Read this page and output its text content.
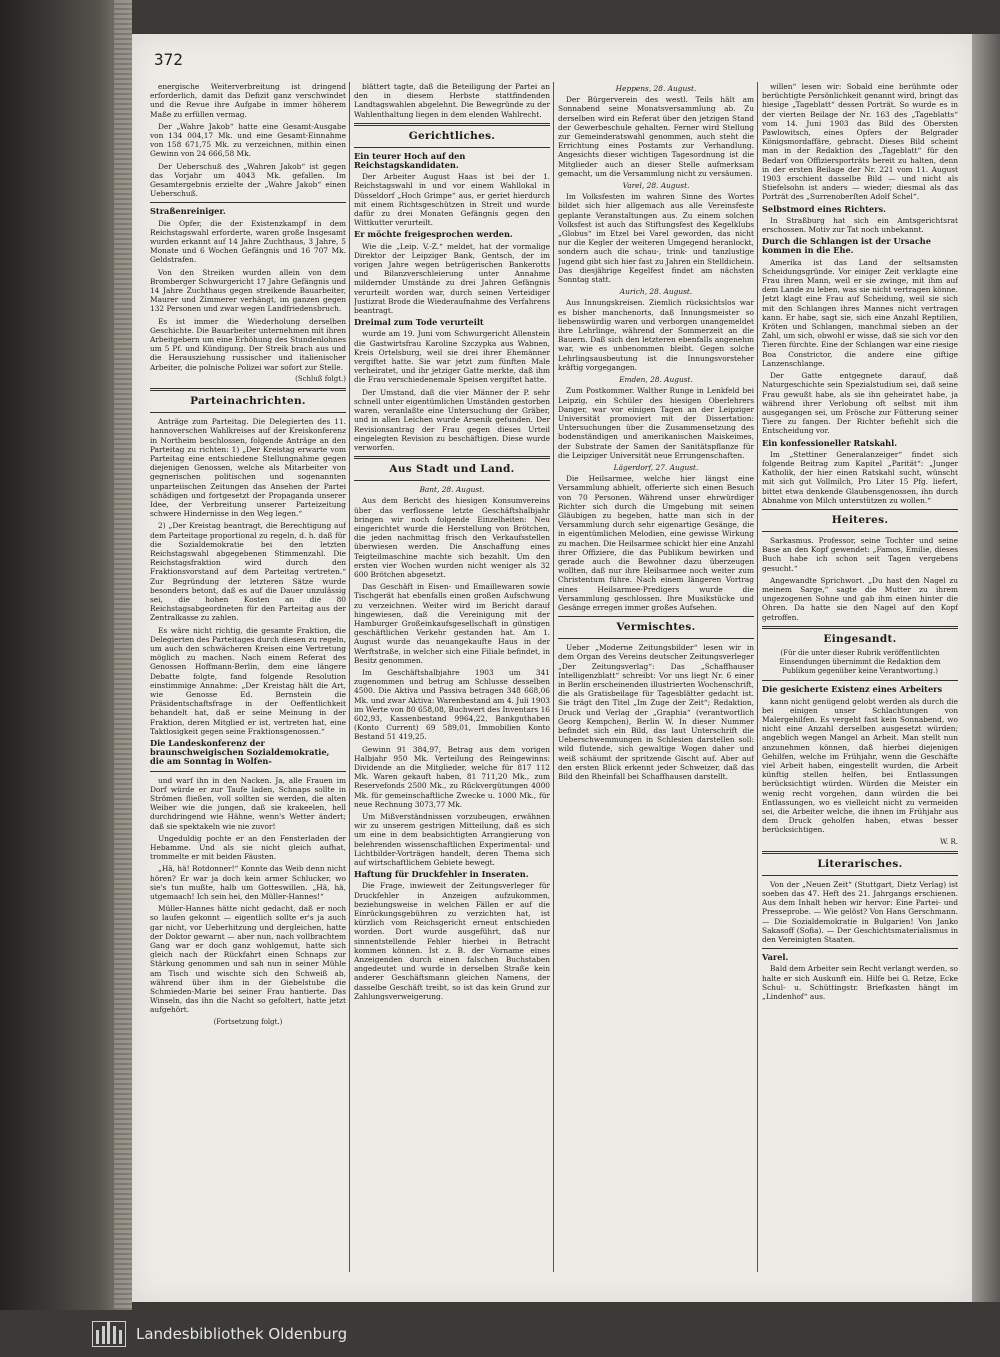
372

energische Weiterverbreitung ist dringend erforderlich, damit das Defizit ganz verschwindet und die Revue ihre Aufgabe in immer höherem Maße zu erfüllen vermag.

Der „Wahre Jakob“ hatte eine Gesamt-Ausgabe von 134 004,17 Mk. und eine Gesamt-Einnahme von 158 671,75 Mk. zu verzeichnen, mithin einen Gewinn von 24 666,58 Mk.

Der Ueberschuß des „Wahren Jakob“ ist gegen das Vorjahr um 4043 Mk. gefallen. Im Gesamtergebnis erzielte der „Wahre Jakob“ einen Ueberschuß.

Straßenreiniger.

Die Opfer, die der Existenzkampf in dem Reichstagswahl erforderte, waren große Insgesamt wurden erkannt auf 14 Jahre Zuchthaus, 3 Jahre, 5 Monate und 6 Wochen Gefängnis und 16 707 Mk. Geldstrafen.

Von den Streiken wurden allein von dem Bromberger Schwurgericht 17 Jahre Gefängnis und 14 Jahre Zuchthaus gegen streikende Bauarbeiter, Maurer und Zimmerer verhängt, im ganzen gegen 132 Personen und zwar wegen Landfriedensbruch.

Es ist immer die Wiederholung derselben Geschichte. Die Bauarbeiter unternehmen mit ihren Arbeitgebern um eine Erhöhung des Stundenlohnes um 5 Pf. und Kündigung. Der Streik brach aus und die Herausziehung russischer und italienischer Arbeiter, die polnische Polizei war sofort zur Stelle.

(Schluß folgt.)
Parteinachrichten.

Anträge zum Parteitag. Die Delegierten des 11. hannoverschen Wahlkreises auf der Kreiskonferenz in Northeim beschlossen, folgende Anträge an den Parteitag zu richten: 1) „Der Kreistag erwarte vom Parteitag eine entschiedene Stellungnahme gegen diejenigen Genossen, welche als Mitarbeiter von gegnerischen politischen und sogenannten unparteiischen Zeitungen das Ansehen der Partei schädigen und fortgesetzt der Propaganda unserer Idee, der Verbreitung unserer Parteizeitung schwere Hindernisse in den Weg legen.“

2) „Der Kreistag beantragt, die Berechtigung auf dem Parteitage proportional zu regeln, d. h. daß für die Sozialdemokratie bei den letzten Reichstagswahl abgegebenen Stimmenzahl. Die Reichstagsfraktion wird durch den Fraktionsvorstand auf dem Parteitag vertreten.“ Zur Begründung der letzteren Sätze wurde besonders betont, daß es auf die Dauer unzulässig sei, die hohen Kosten an die 80 Reichstagsabgeordneten für den Parteitag aus der Zentralkasse zu zahlen.

Es wäre nicht richtig, die gesamte Fraktion, die Delegierten des Parteitages durch diesen zu regeln, um auch den schwächeren Kreisen eine Vertretung möglich zu machen. Nach einem Referat des Genossen Hoffmann-Berlin, dem eine längere Debatte folgte, fand folgende Resolution einstimmige Annahme: „Der Kreistag hält die Art, wie Genosse Ed. Bernstein die Präsidentschaftsfrage in der Oeffentlichkeit behandelt hat, daß er seine Meinung in der Fraktion, deren Mitglied er ist, vertreten hat, eine Taktlosigkeit gegen seine Fraktionsgenossen.“

Die Landeskonferenz der braunschweigischen Sozialdemokratie, die am Sonntag in Wolfen-

und warf ihn in den Nacken. Ja, alle Frauen im Dorf würde er zur Taufe laden, Schnaps sollte in Strömen fließen, voll sollten sie werden, die alten Weiber wie die jungen, daß sie krakeelen, hell durchdringend wie Hähne, wenn's Wetter ändert; daß sie spektakeln wie nie zuvor!

Ungeduldig pochte er an den Fensterladen der Hebamme. Und als sie nicht gleich aufhat, trommelte er mit beiden Fäusten.

„Hä, hä! Rotdonner!“ Konnte das Weib denn nicht hören? Er war ja doch kein armer Schlucker, wo sie's tun mußte, halb um Gotteswillen. „Hä, hä, utgemaach! Ich sein hei, den Müller-Hannes!“

Müller-Hannes hätte nicht gedacht, daß er noch so laufen gekonnt — eigentlich sollte er's ja auch gar nicht, vor Ueberhitzung und dergleichen, hatte der Doktor gewarnt — aber nun, nach vollbrachtem Gang war er doch ganz wohlgemut, hatte sich gleich nach der Rückfahrt einen Schnaps zur Stärkung genommen und sah nun in seiner Mühle am Tisch und wischte sich den Schweiß ab, während über ihm in der Giebelstube die Schmieden-Marie bei seiner Frau hantierte. Das Winseln, das ihn die Nacht so gefoltert, hatte jetzt aufgehört.

(Fortsetzung folgt.)

blättert tagte, daß die Beteiligung der Partei an den in diesem Herbste stattfindenden Landtagswahlen abgelehnt. Die Bewegründe zu der Wahlenthaltung liegen in dem elenden Wahlrecht.

Gerichtliches.
Ein teurer Hoch auf den Reichstagskandidaten.

Der Arbeiter August Haas ist bei der 1. Reichstagswahl in und vor einem Wahllokal in Düsseldorf „Hoch Grimpe“ aus, er geriet hierdurch mit einem Richtsgeschützen in Streit und wurde dafür zu drei Monaten Gefängnis gegen den Wittkutter verurteilt.

Er möchte freigesprochen werden.

Wie die „Leip. V.-Z.“ meldet, hat der vormalige Direktor der Leipziger Bank, Gentsch, der im vorigen Jahre wegen betrügerischen Bankerotts und Bilanzverschleierung unter Annahme mildernder Umstände zu drei Jahren Gefängnis verurteilt worden war, durch seinen Verteidiger Justizrat Brode die Wiederaufnahme des Verfahrens beantragt.

Dreimal zum Tode verurteilt

wurde am 19. Juni vom Schwurgericht Allenstein die Gastwirtsfrau Karoline Szczypka aus Wabnen, Kreis Ortelsburg, weil sie drei ihrer Ehemänner vergiftet hatte. Sie war jetzt zum fünften Male verheiratet, und ihr jetziger Gatte merkte, daß ihm die Frau verschiedenemale Speisen vergiftet hatte.

Der Umstand, daß die vier Männer der P. sehr schnell unter eigentümlichen Umständen gestorben waren, veranlaßte eine Untersuchung der Gräber, und in allen Leichen wurde Arsenik gefunden. Der Revisionsantrag der Frau gegen dieses Urteil eingelegten Revision zu beschäftigen. Diese wurde verworfen.

Aus Stadt und Land.
Bant, 28. August.

Aus dem Bericht des hiesigen Konsumvereins über das verflossene letzte Geschäftshalbjahr bringen wir noch folgende Einzelheiten: Neu eingerichtet wurde die Herstellung von Brötchen, die jeden nachmittag frisch den Verkaufsstellen überwiesen werden. Die Anschaffung eines Teigteilmaschine machte sich bezahlt. Um den ersten vier Wochen wurden nicht weniger als 32 600 Brötchen abgesetzt.

Das Geschäft in Eisen- und Emaillewaren sowie Tischgerät hat ebenfalls einen großen Aufschwung zu verzeichnen. Weiter wird im Bericht darauf hingewiesen, daß die Vereinigung mit der Hamburger Großeinkaufsgesellschaft in günstigen geschäftlichen Verkehr gestanden hat. Am 1. August wurde das neuangekaufte Haus in der Werftstraße, in welcher sich eine Filiale befindet, in Besitz genommen.

Im Geschäftshalbjahre 1903 um 341 zugenommen und betrug am Schlusse desselben 4500. Die Aktiva und Passiva betragen 348 668,06 Mk. und zwar Aktiva: Warenbestand am 4. Juli 1903 im Werte von 80 658,08, Buchwert des Inventars 16 602,93, Kassenbestand 9964,22, Bankguthaben (Konto Current) 69 589,01, Immobilien Konto Bestand 51 419,25.

Gewinn 91 384,97, Betrag aus dem vorigen Halbjahr 950 Mk. Verteilung des Reingewinns: Dividende an die Mitglieder, welche für 817 112 Mk. Waren gekauft haben, 81 711,20 Mk., zum Reservefonds 2500 Mk., zu Rückvergütungen 4000 Mk. für gemeinschaftliche Zwecke u. 1000 Mk., für neue Rechnung 3073,77 Mk.

Um Mißverständnissen vorzubeugen, erwähnen wir zu unserem gestrigen Mitteilung, daß es sich um eine in dem beabsichtigten Arrangierung von belehrenden wissenschaftlichen Experimental- und Lichtbilder-Vorträgen handelt, deren Thema sich auf wirtschaftlichem Gebiete bewegt.

Haftung für Druckfehler in Inseraten.

Die Frage, inwieweit der Zeitungsverleger für Druckfehler in Anzeigen aufzukommen, beziehungsweise in welchen Fällen er auf die Einrückungsgebühren zu verzichten hat, ist kürzlich vom Reichsgericht erneut entschieden worden. Dort wurde ausgeführt, daß nur sinnentstellende Fehler hierbei in Betracht kommen können. Ist z. B. der Vorname eines Anzeigenden durch einen falschen Buchstaben angedeutet und wurde in derselben Straße kein anderer Geschäftsmann gleichen Namens, der dasselbe Geschäft treibt, so ist das kein Grund zur Zahlungsverweigerung.

Heppens, 28. August.

Der Bürgerverein des westl. Teils hält am Sonnabend seine Monatsversammlung ab. Zu derselben wird ein Referat über den jetzigen Stand der Gewerbeschule gehalten. Ferner wird Stellung zur Gemeinderatswahl genommen, auch steht die Errichtung eines Postamts zur Verhandlung. Angesichts dieser wichtigen Tagesordnung ist die Mitglieder auch an dieser Stelle aufmerksam gemacht, um die Versammlung nicht zu versäumen.

Varel, 28. August.

Im Volksfesten im wahren Sinne des Wortes bildet sich hier allgemach aus alle Vereinsfeste geplante Veranstaltungen aus. Zu einem solchen Volksfest ist auch das Stiftungsfest des Kegelklubs „Globus“ im Etzel bei Varel geworden, das nicht nur die Kegler der weiteren Umgegend heranlockt, sondern auch die schau-, trink- und tanzlustige Jugend gibt sich hier fast zu Jahren ein Stelldichein. Das diesjährige Kegelfest findet am nächsten Sonntag statt.

Aurich, 28. August.

Aus Innungskreisen. Ziemlich rücksichtslos war es bisher manchenorts, daß Innungsmeister so liebenswürdig waren und verborgen unangemeldet ihre Lehrlinge, während der Sommerzeit an die Bauern. Daß sich den letzteren ebenfalls angenehm war, wie es unbenommen bleibt. Gegen solche Lehrlingsausbeutung ist die Innungsvorsteher kräftig vorgegangen.

Emden, 28. August.

Zum Postkommer. Walther Runge in Lenkfeld bei Leipzig, ein Schüler des hiesigen Oberlehrers Danger, war vor einigen Tagen an der Leipziger Universität promoviert mit der Dissertation: Untersuchungen über die Zusammensetzung des bodenständigen und amerikanischen Maiskeimes, der Substrate der Samen der Sanitätspflanze für die Leipziger Universität neue Errungenschaften.

Lägerdorf, 27. August.

Die Heilsarmee, welche hier längst eine Versammlung abhielt, offerierte sich einen Besuch von 70 Personen. Während unser ehrwürdiger Richter sich durch die Umgebung mit seinen Gläubigen zu begeben, hatte man sich in der Versammlung durch sehr eigenartige Gesänge, die in eigentümlichen Melodien, eine gewisse Wirkung zu machen. Die Heilsarmee schickt hier eine Anzahl ihrer Offiziere, die das Publikum bewirken und gerade auch die Bewohner dazu überzeugen wollten, daß nur ihre Heilsarmee noch weiter zum Christentum führe. Nach einem längeren Vortrag eines Heilsarmee-Predigers wurde die Versammlung geschlossen. Ihre Musikstücke und Gesänge erregen immer großes Aufsehen.

Vermischtes.

Ueber „Moderne Zeitungsbilder“ lesen wir in dem Organ des Vereins deutscher Zeitungsverleger „Der Zeitungsverlag“: Das „Schaffhauser Intelligenzblatt“ schreibt: Vor uns liegt Nr. 6 einer in Berlin erscheinenden illustrierten Wochenschrift, die als Gratisbeilage für Tagesblätter gedacht ist. Sie trägt den Titel „Im Zuge der Zeit“; Redaktion, Druck und Verlag der „Graphia“ (verantwortlich Georg Kempchen), Berlin W. In dieser Nummer befindet sich ein Bild, das laut Unterschrift die Ueberschwemmungen in Schlesien darstellen soll: wild flutende, sich gewaltige Wogen daher und weiß schäumt der spritzende Gischt auf. Aber auf den ersten Blick erkennt jeder Schweizer, daß das Bild den Rheinfall bei Schaffhausen darstellt.

willen“ lesen wir: Sobald eine berühmte oder berüchtigte Persönlichkeit genannt wird, bringt das hiesige „Tageblatt“ dessen Porträt. So wurde es in der vierten Beilage der Nr. 163 des „Tageblatts“ vom 14. Juni 1903 das Bild des Obersten Pawlowitsch, eines Opfers der Belgrader Königsmordaffäre, gebracht. Dieses Bild scheint man in der Redaktion des „Tageblatt“ für den Bedarf von Offiziersporträts bereit zu halten, denn in der ersten Beilage der Nr. 221 vom 11. August 1903 erschient dasselbe Bild — und nicht als Stiefelsohn ist anders — wieder; diesmal als das Porträt des „Surrenoberſten Adolf Schel“.

Selbstmord eines Richters.

In Straßburg hat sich ein Amtsgerichtsrat erschossen. Motiv zur Tat noch unbekannt.

Durch die Schlangen ist der Ursache kommen in die Ehe.

Amerika ist das Land der seltsamsten Scheidungsgründe. Vor einiger Zeit verklagte eine Frau ihren Mann, weil er sie zwinge, mit ihm auf dem Lande zu leben, was sie nicht vertragen könne. Jetzt klagt eine Frau auf Scheidung, weil sie sich mit den Schlangen ihres Mannes nicht vertragen kann. Er habe, sagt sie, sich eine Anzahl Reptilien, Kröten und Schlangen, manchmal sieben an der Zahl, um sich, obwohl er wisse, daß sie sich vor den Tieren fürchte. Eine der Schlangen war eine riesige Boa Constrictor, die andere eine giftige Lanzenschlange.

Der Gatte entgegnete darauf, daß Naturgeschichte sein Spezialstudium sei, daß seine Frau gewußt habe, als sie ihn geheiratet habe, ja während ihrer Verlobung oft selbst mit ihm ausgegangen sei, um Frösche zur Fütterung seiner Tiere zu fangen. Der Richter befiehlt sich die Entscheidung vor.

Ein konfessioneller Ratskahl.

Im „Stettiner Generalanzeiger“ findet sich folgende Beitrag zum Kapitel „Parität“: „Junger Katholik, der hier einen Ratskahl sucht, wünscht mit sich gut Vollmilch, Pro Liter 15 Pfg. liefert, bittet etwa denkende Glaubensgenossen, ihn durch Abnahme von Milch unterstützen zu wollen.“

Heiteres.

Sarkasmus. Professor, seine Tochter und seine Base an den Kopf gewendet: „Famos, Emilie, dieses Buch habe ich schon seit Tagen vergebens gesucht.“

Angewandte Sprichwort. „Du hast den Nagel zu meinem Sarge,“ sagte die Mutter zu ihrem ungezogenen Sohne und gab ihm einen hinter die Ohren. Da hatte sie den Nagel auf den Kopf getroffen.

Eingesandt.
(Für die unter dieser Rubrik veröffentlichten Einsendungen übernimmt die Redaktion dem Publikum gegenüber keine Verantwortung.)
Die gesicherte Existenz eines Arbeiters

kann nicht genügend gelobt werden als durch die bei einigen unser Schlachtungen von Malergehilfen. Es vergeht fast kein Sonnabend, wo nicht eine Anzahl derselben ausgesetzt würden; angeblich wegen Mangel an Arbeit. Man stellt nun anzunehmen können, daß hierbei diejenigen Gehilfen, welche im Frühjahr, wenn die Geschäfte viel Arbeit haben, eingestellt wurden, die Arbeit künftig stellen helfen, bei Entlassungen berücksichtigt würden. Würden die Meister ein wenig recht vorgehen, dann würden die bei Entlassungen, wo es vielleicht nicht zu vermeiden sei, die Arbeiter welche, die ihnen im Frühjahr aus dem Druck geholfen haben, etwas besser berücksichtigen.

W. R.
Literarisches.

Von der „Neuen Zeit“ (Stuttgart, Dietz Verlag) ist soeben das 47. Heft des 21. Jahrgangs erschienen. Aus dem Inhalt heben wir hervor: Eine Partei- und Presseprobe. — Wie gelöst? Von Hans Gerschmann. — Die Sozialdemokratie in Bulgarien! Von Janko Sakasoff (Sofia). — Der Geschichtsmaterialismus in den Vereinigten Staaten.

Varel.

Bald dem Arbeiter sein Recht verlangt werden, so halte er sich Auskunft ein. Hilfe bei G. Retze, Ecke Schul- u. Schüttingstr. Briefkasten hängt im „Lindenhof“ aus.

Landesbibliothek Oldenburg
